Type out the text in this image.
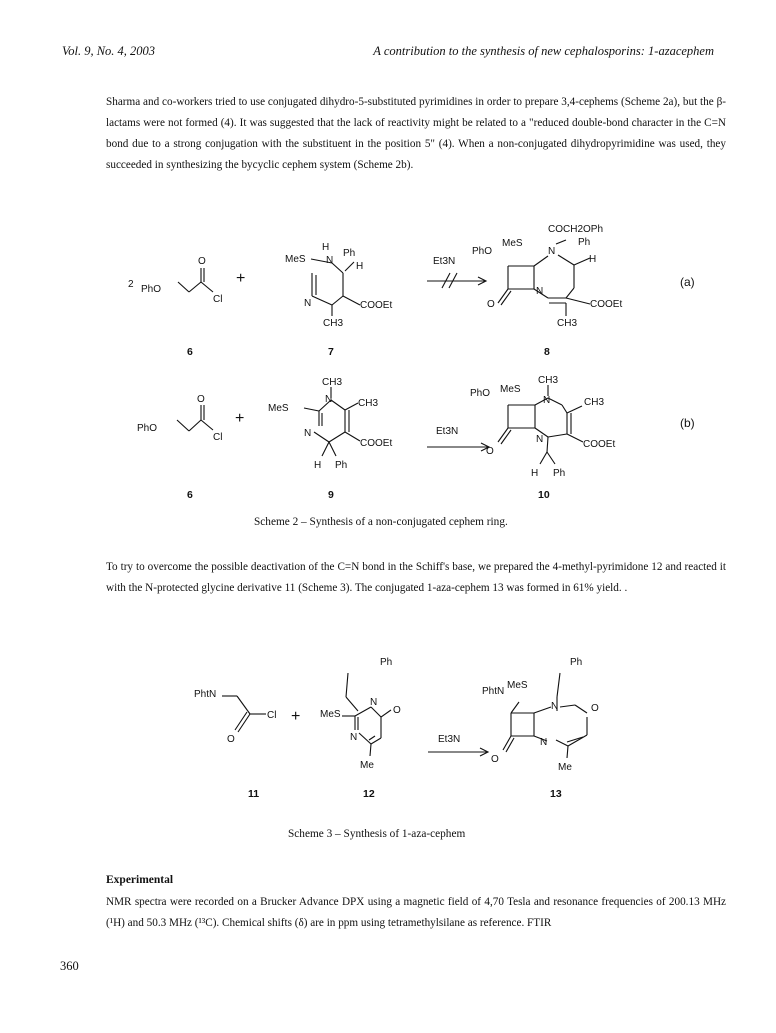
Vol. 9, No. 4, 2003	A contribution to the synthesis of new cephalosporins: 1-azacephem
Sharma and co-workers tried to use conjugated dihydro-5-substituted pyrimidines in order to prepare 3,4-cephems (Scheme 2a), but the β-lactams were not formed (4). It was suggested that the lack of reactivity might be related to a "reduced double-bond character in the C=N bond due to a strong conjugation with the substituent in the position 5" (4). When a non-conjugated dihydropyrimidine was used, they succeeded in synthesizing the bycyclic cephem system (Scheme 2b).
2 PhO
O
Cl
+
MeS
H
N
Ph
H
N	COOEt
CH3
Et3N
COCH2OPh
PhO
MeS
N
Ph
H
N
O	COOEt
CH3
(a)
6	7	8
PhO
O
Cl
+
MeS
CH3
N
N
CH3
COOEt
H Ph
Et3N
PhO MeS
CH3
N	CH3
N
O
COOEt
H Ph
(b)
6	9	10
Ph
PhtN
Cl
O
+ MeS
N
N
O
Me
Et3N
Ph
PhtN
MeS
N	O
N
O
Me
11	12	13
Scheme 2 – Synthesis of a non-conjugated cephem ring.
To try to overcome the possible deactivation of the C=N bond in the Schiff's base, we prepared the 4-methyl-pyrimidone 12 and reacted it with the N-protected glycine derivative 11 (Scheme 3). The conjugated 1-aza-cephem 13 was formed in 61% yield. .
Scheme 3 – Synthesis of 1-aza-cephem
Experimental
NMR spectra were recorded on a Brucker Advance DPX using a magnetic field of 4,70 Tesla and resonance frequencies of 200.13 MHz (¹H) and 50.3 MHz (¹³C). Chemical shifts (δ) are in ppm using tetramethylsilane as reference. FTIR
360
